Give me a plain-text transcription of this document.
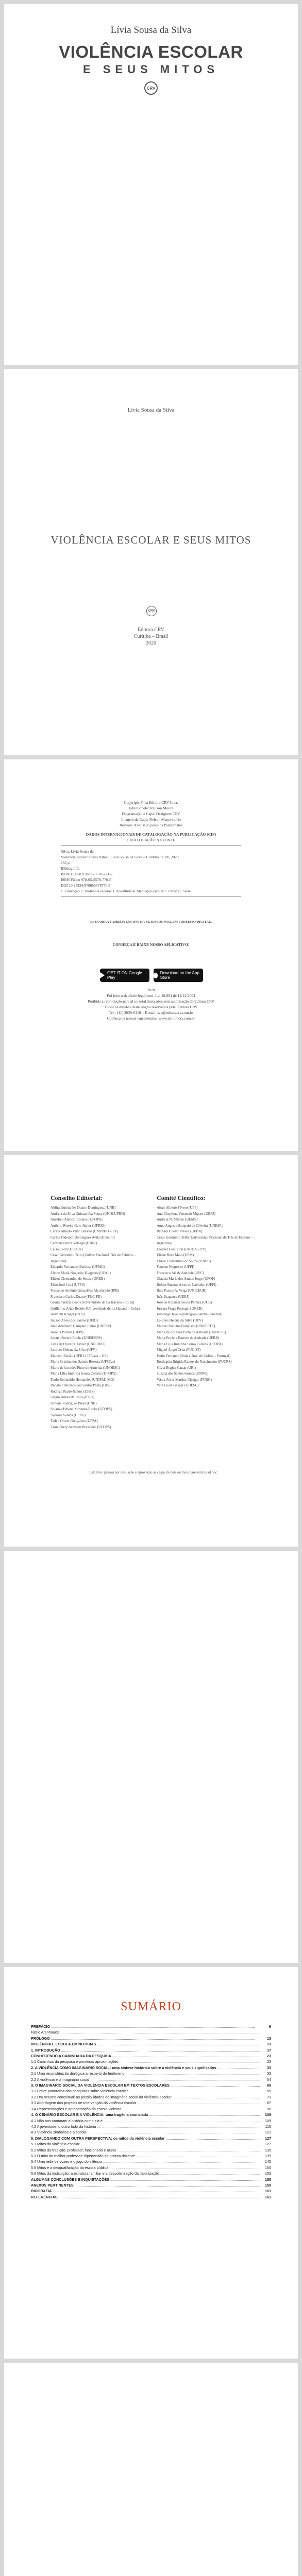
Lívia Sousa da Silva
VIOLÊNCIA ESCOLAR
E SEUS MITOS
CRV
Lívia Sousa da Silva
VIOLÊNCIA ESCOLAR E SEUS MITOS
CRV
Editora CRV
Curitiba – Brasil
2020
Copyright © da Editora CRV Ltda.
Editor-chefe: Railson Moura
Diagramação e Capa: Designers CRV
Imagem da Capa: Nelson Mansvatorio
Revisão: Analisado pelos os Pareceristas
DADOS INTERNACIONAIS DE CATALOGAÇÃO NA PUBLICAÇÃO (CIP)
CATALOGAÇÃO NA FONTE
Silva, Lívia Sousa da
Violência escolar e seus mitos / Lívia Sousa da Silva – Curitiba : CRV, 2020.
162 p.
Bibliografia
ISBN Digital 978-65-5578-771-2
ISBN Físico 978-65-5578-770-5
DOI 10.24824/978655578770.5
1. Educação 2. Violência escolar 3. Juventude 4. Mediação escolar I. Título II. Série.
ESTA OBRA TAMBÉM ENCONTRA-SE DISPONÍVEL EM FORMATO DIGITAL.
CONHEÇA E BAIXE NOSSO APLICATIVO!
GET IT ON Google Play
Download on the App Store
2020
Foi feito o depósito legal conf. Lei 10.994 de 14/12/2004
Proibida a reprodução parcial ou total desta obra sem autorização da Editora CRV
Todos os direitos desta edição reservados pela: Editora CRV
Tel.: (41) 3039-6418 – E-mail: sac@editoracrv.com.br
Conheça os nossos lançamentos: www.editoracrv.com.br
Conselho Editorial:
Aldira Guimarães Duarte Domínguez (UNB)
Andréia da Silva Quintanilha Sousa (UNIR/UFRN)
Anselmo Alencar Colares (UFOPA)
Antônio Pereira Gaio Júnior (UFRRJ)
Carlos Alberto Vilar Estêvão (UMINHO – PT)
Carlos Federico Dominguez Avila (Unieuro)
Carmen Tereza Velanga (UNIR)
Celso Conti (UFSCar)
Cesar Gerónimo Tello (Univer. Nacional Três de Febrero – Argentina)
Eduardo Fernandes Barbosa (UFMG)
Elione Maria Nogueira Diogenes (UFAL)
Elizeu Clementino de Souza (UNEB)
Élsio José Corá (UFFS)
Fernando Antônio Gonçalves Alcoforado (IPB)
Francisco Carlos Duarte (PUC-PR)
Gloria Fariñas León (Universidade de La Havana – Cuba)
Guillermo Arias Beatón (Universidade de La Havana – Cuba)
Helmuth Krüger (UCP)
Jailson Alves dos Santos (UFRJ)
João Adalberto Campato Junior (UNESP)
Josania Portela (UFPI)
Leonel Severo Rocha (UNISINOS)
Lídia de Oliveira Xavier (UNIEURO)
Lourdes Helena da Silva (UFV)
Marcelo Paixão (UFRJ e UTexas – US)
Maria Cristina dos Santos Bezerra (UFSCar)
Maria de Lourdes Pinto de Almeida (UNOESC)
Maria Lília Imbiriba Sousa Colares (UFOPA)
Paulo Romualdo Hernandes (UNIFAL-MG)
Renato Francisco dos Santos Paula (UFG)
Rodrigo Pratte-Santos (UFES)
Sérgio Nunes de Jesus (IFRO)
Simone Rodrigues Pinto (UNB)
Solange Helena Ximenes-Rocha (UFOPA)
Sydione Santos (UEPG)
Tadeu Oliver Gonçalves (UFPA)
Tania Suely Azevedo Brasileiro (UFOPA)
Comitê Científico:
Altair Alberto Fávero (UPF)
Ana Chrystina Venancio Mignot (UERJ)
Andréia N. Militão (UEMS)
Anna Augusta Sampaio de Oliveira (UNESP)
Barbara Coelho Neves (UFBA)
Cesar Gerónimo Tello (Universidad Nacional de Três de Febrero – Argentina)
Diosnel Centurion (UNIDA – PY)
Eliane Rose Maio (UEM)
Elizeu Clementino de Souza (UNEB)
Fauston Negreiros (UFPI)
Francisco Ari de Andrade (UFC)
Gláucia Maria dos Santos Jorge (UFOP)
Helder Buenos Aires de Carvalho (UFPI)
Ilma Passos A. Veiga (UNICEUB)
Inês Bragança (UERJ)
José de Ribamar Sousa Pereira (UCB)
Jussara Fraga Portugal (UNEB)
Kilwangy Kya Kapitango-a-Samba (Unemat)
Lourdes Helena da Silva (UFV)
Marcos Vinicius Francisco (UNOESTE)
Maria de Lourdes Pinto de Almeida (UNOESC)
Maria Eurácia Barreto de Andrade (UFRB)
Maria Lília Imbiriba Sousa Colares (UFOPA)
Míguel Ángel Ortiz (PUC-SP)
Paulo Fernando Diniz (Univ. de Lisboa – Portugal)
Rosângela Brigida Ramos do Nascimento (PUCRS)
Silvia Regina Canan (URI)
Suzana dos Santos Gomes (UFMG)
Vânia Alves Martins Chaigar (FURG)
Vera Lucia Gaspar (UDESC)
Este livro passou por avaliação e aprovação às cegas de dois ou mais pareceristas ad hoc.
SUMÁRIO
PREFÁCIO .....	9
Fábio Arenhaucci .....
PRÓLOGO .....	13
VIOLÊNCIA E ESCOLA EM NOTÍCIAS .....	13
1. INTRODUÇÃO .....	17
CONHECENDO A CAMINHADA DA PESQUISA .....	23
1.1 Caminhos da pesquisa e primeiras aproximações .....	23
2. A VIOLÊNCIA COMO IMAGINÁRIO SOCIAL: uma síntese histórica sobre a violência e seus significados .....	33
2.1 Uma reconstituição dialógica a respeito do fenômeno .....	33
2.2 A violência e o imaginário social .....	54
3. O IMAGINÁRIO SOCIAL DA VIOLÊNCIA ESCOLAR EM TEXTOS ESCOLARES .....	65
3.1 Breve panorama das pesquisas sobre violência escolar .....	65
3.2 Um resumo conceitual: as possibilidades do imaginário social da violência escolar .....	73
3.3 Abordagem dos projetos de intervenção da violência escolar .....	87
3.4 Representações e apresentação da escola violenta .....	98
4. O CENÁRIO ESCOLAR E A VIOLÊNCIA: uma tragédia anunciada .....	109
4.1 Não nos contaram a história como ela é .....	109
4.2 A juventude: o outro lado da história .....	115
4.3 Violência simbólica e a escola .....	121
5. DIALOGANDO COM OUTRA PERSPECTIVA: os mitos da violência escolar .....	127
5.1 Mitos da violência escolar .....	127
5.2 Mitos da tradição: professor, funcionário e aluno .....	135
5.3 O mito do melhor professor: hipertensão da prática docente .....	139
5.4 Uma rede de vozes e o jogo do silêncio .....	145
5.5 Mitos e a desqualificação da escola pública .....	150
5.6 Mitos da instituição: a estrutura familiar e a despolarização da mobilização .....	153
ALGUMAS CONCLUSÕES E INQUIETAÇÕES .....	155
ANEXOS PERTINENTES .....	159
BIOGRAFIA .....	161
REFERÊNCIAS .....	161
